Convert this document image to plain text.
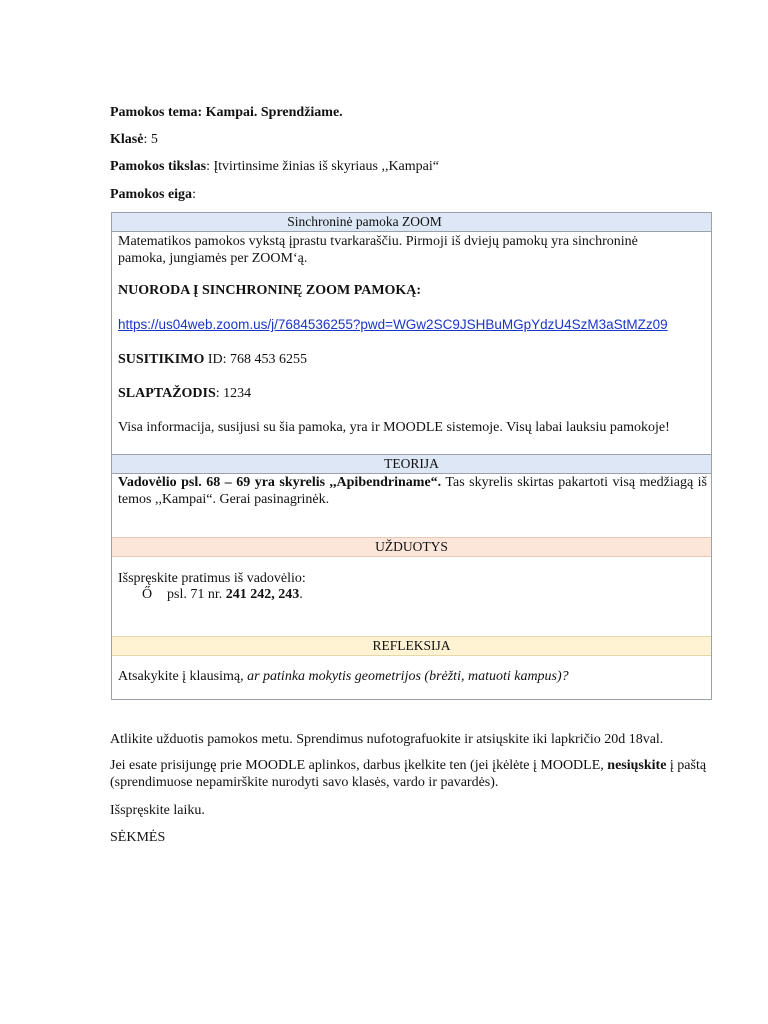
Pamokos tema: Kampai. Sprendžiame.
Klasė: 5
Pamokos tikslas: Įtvirtinsime žinias iš skyriaus ,,Kampai“
Pamokos eiga:
Sinchroninė pamoka ZOOM
Matematikos pamokos vykstą įprastu tvarkaraščiu. Pirmoji iš dviejų pamokų yra sinchroninė
pamoka, jungiamės per ZOOM‘ą.
NUORODA Į SINCHRONINĘ ZOOM PAMOKĄ:
https://us04web.zoom.us/j/7684536255?pwd=WGw2SC9JSHBuMGpYdzU4SzM3aStMZz09
SUSITIKIMO ID: 768 453 6255
SLAPTAŽODIS: 1234
Visa informacija, susijusi su šia pamoka, yra ir MOODLE sistemoje. Visų labai lauksiu pamokoje!
TEORIJA
Vadovėlio psl. 68 – 69 yra skyrelis ,,Apibendriname“. Tas skyrelis skirtas pakartoti visą medžiagą iš temos ,,Kampai“. Gerai pasinagrinėk.
UŽDUOTYS
Išspręskite pratimus iš vadovėlio:
Ő psl. 71 nr. 241 242, 243.
REFLEKSIJA
Atsakykite į klausimą, ar patinka mokytis geometrijos (brėžti, matuoti kampus)?
Atlikite užduotis pamokos metu. Sprendimus nufotografuokite ir atsiųskite iki lapkričio 20d 18val.
Jei esate prisijungę prie MOODLE aplinkos, darbus įkelkite ten (jei įkėlėte į MOODLE, nesiųskite į paštą (sprendimuose nepamirškite nurodyti savo klasės, vardo ir pavardės).
Išspręskite laiku.
SĖKMĖS
